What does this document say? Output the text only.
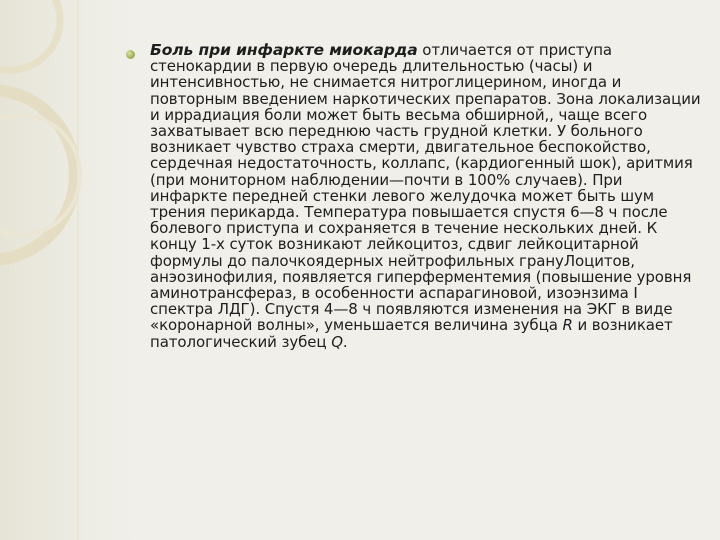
Боль при инфаркте миокарда отличается от приступа стенокардии в первую очередь длительностью (часы) и интенсивностью, не снимается нитроглицерином, иногда и повторным введением наркотических препаратов. Зона локализации и иррадиация боли может быть весьма обширной,, чаще всего захватывает всю переднюю часть грудной клетки. У больного возникает чувство страха смерти, двигательное беспокойство, сердечная недостаточность, коллапс, (кардиогенный шок), аритмия (при мониторном наблюдении—почти в 100% случаев). При инфаркте передней стенки левого желудочка может быть шум трения перикарда. Температура повышается спустя 6—8 ч после болевого приступа и сохраняется в течение нескольких дней. К концу 1-х суток возникают лейкоцитоз, сдвиг лейкоцитарной формулы до палочкоядерных нейтрофильных грануЛоцитов, анэозинофилия, появляется гиперферментемия (повышение уровня аминотрансфераз, в особенности аспарагиновой, изоэнзима I спектра ЛДГ). Спустя 4—8 ч появляются изменения на ЭКГ в виде «коронарной волны», уменьшается величина зубца R и возникает патологический зубец Q.
